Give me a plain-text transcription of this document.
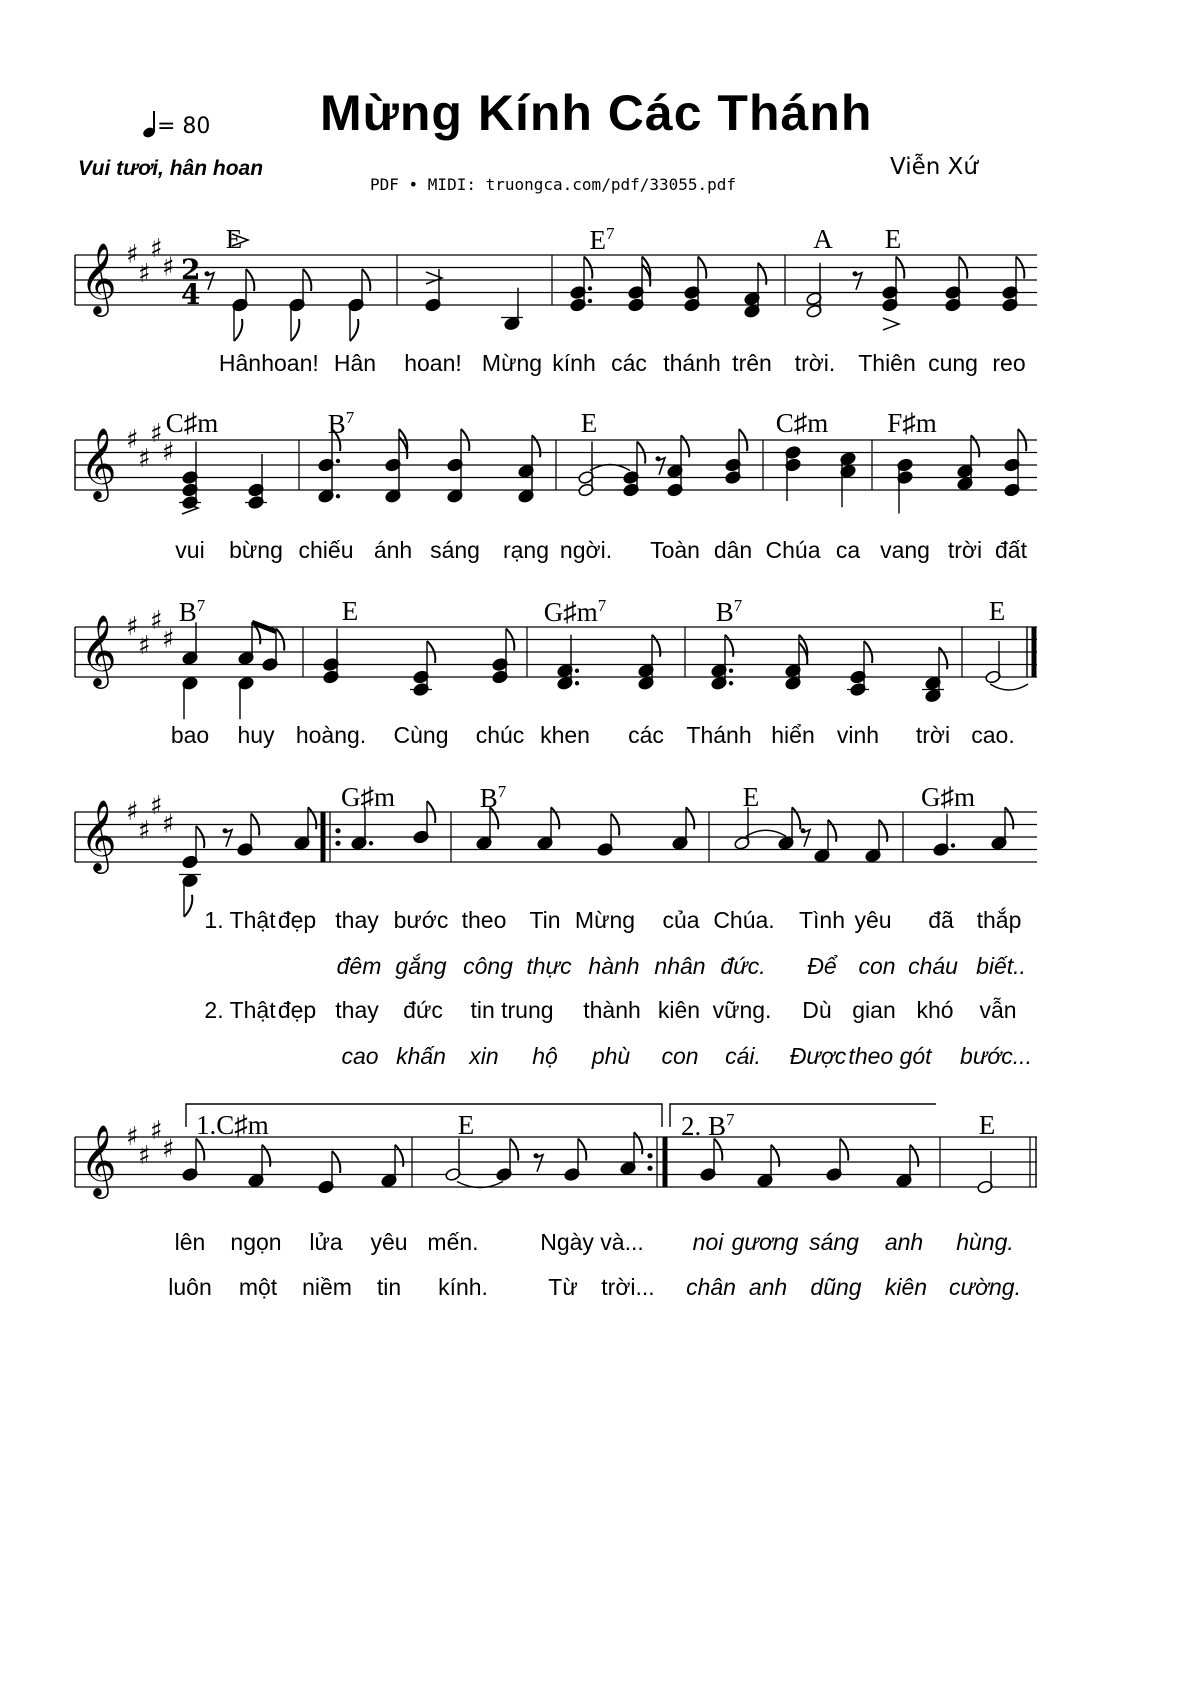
𝄞 ♯
♯
♯
♯ 2
4
𝄞 ♯
♯
♯
♯
𝄞 ♯
♯
♯
♯
𝄞 ♯
♯
♯
♯
𝄞 ♯
♯
♯
♯
Mừng Kính Các Thánh
= 80
Vui tươi, hân hoan	Viễn Xứ
PDF • MIDI: truongca.com/pdf/33055.pdf
E	$E^7$	A E
Hân hoan! Hân hoan! Mừng kính các thánh trên trời. Thiên cung reo
C♯m	$B^7$	E	C♯m F♯m
vui bừng chiếu ánh sáng rạng ngời. Toàn dân Chúa ca vang trời đất
$B^7$	E	$G♯m^7$	$B^7$	E
bao huy hoàng. Cùng chúc khen các Thánh hiển vinh trời cao.
G♯m	$B^7$	E	G♯m
1. Thật đẹp thay bước theo Tin Mừng của Chúa. Tình yêu đã thắp
đêm gắng công thực hành nhân đức. Để con cháu biết..
2. Thật đẹp thay đức tin trung thành kiên vững. Dù gian khó vẫn
cao khấn xin hộ phù con cái. Được theo gót bước...
E	E
1.C♯m	2. $B^7$
lên ngọn lửa yêu mến.	Ngày và... noi gương sáng anh hùng.
luôn một niềm tin kính.	Từ trời... chân anh dũng kiên cường.
